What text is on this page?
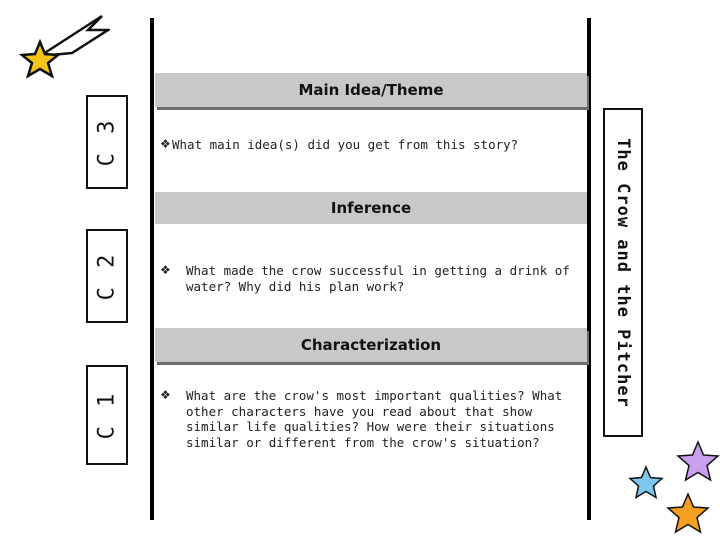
Main Idea/Theme
Inference
Characterization
C 3
C 2
C 1
❖ What main idea(s) did you get from this story?
❖ What made the crow successful in getting a drink of water? Why did his plan work?
❖ What are the crow's most important qualities? What other characters have you read about that show similar life qualities? How were their situations similar or different from the crow's situation?
The Crow and the Pitcher
